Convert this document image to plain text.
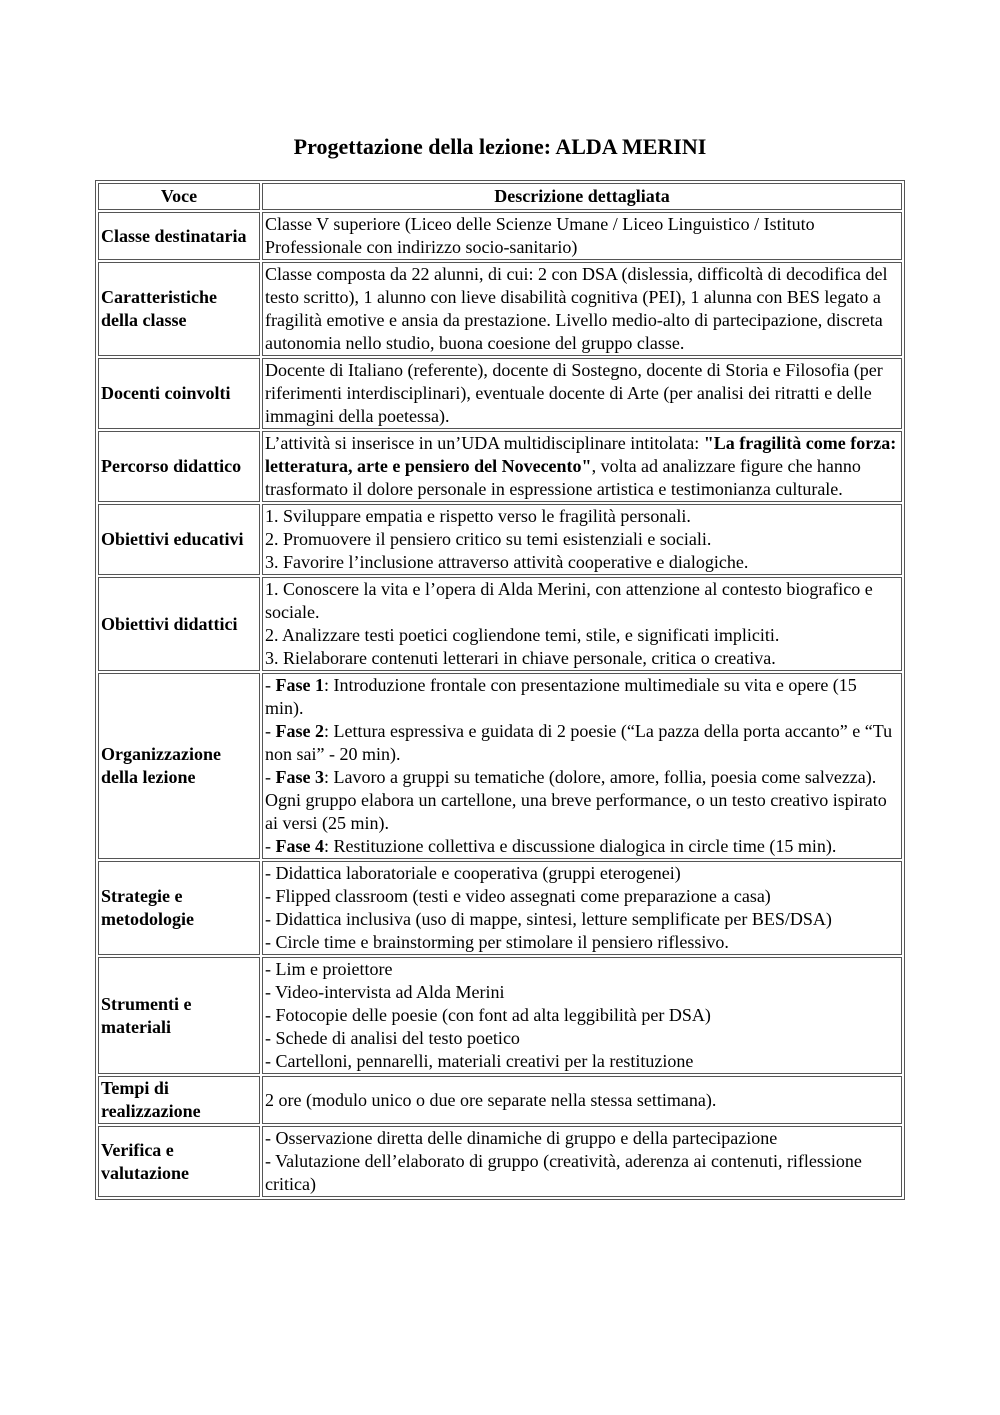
Progettazione della lezione: ALDA MERINI
Voce	Descrizione dettagliata
Classe destinataria	Classe V superiore (Liceo delle Scienze Umane / Liceo Linguistico / Istituto Professionale con indirizzo socio-sanitario)

Caratteristiche della classe	Classe composta da 22 alunni, di cui: 2 con DSA (dislessia, difficoltà di decodifica del testo scritto), 1 alunno con lieve disabilità cognitiva (PEI), 1 alunna con BES legato a fragilità emotive e ansia da prestazione. Livello medio-alto di partecipazione, discreta autonomia nello studio, buona coesione del gruppo classe.

Docenti coinvolti	Docente di Italiano (referente), docente di Sostegno, docente di Storia e Filosofia (per riferimenti interdisciplinari), eventuale docente di Arte (per analisi dei ritratti e delle immagini della poetessa).

Percorso didattico	L’attività si inserisce in un’UDA multidisciplinare intitolata: "La fragilità come forza: letteratura, arte e pensiero del Novecento", volta ad analizzare figure che hanno trasformato il dolore personale in espressione artistica e testimonianza culturale.
Obiettivi educativi	1. Sviluppare empatia e rispetto verso le fragilità personali.
2. Promuovere il pensiero critico su temi esistenziali e sociali.
3. Favorire l’inclusione attraverso attività cooperative e dialogiche.

Obiettivi didattici	1. Conoscere la vita e l’opera di Alda Merini, con attenzione al contesto biografico e sociale.
2. Analizzare testi poetici cogliendone temi, stile, e significati impliciti.
3. Rielaborare contenuti letterari in chiave personale, critica o creativa.

Organizzazione della lezione	- Fase 1: Introduzione frontale con presentazione multimediale su vita e opere (15 min).
- Fase 2: Lettura espressiva e guidata di 2 poesie (“La pazza della porta accanto” e “Tu non sai” - 20 min).
- Fase 3: Lavoro a gruppi su tematiche (dolore, amore, follia, poesia come salvezza). Ogni gruppo elabora un cartellone, una breve performance, o un testo creativo ispirato ai versi (25 min).
- Fase 4: Restituzione collettiva e discussione dialogica in circle time (15 min).

Strategie e metodologie	- Didattica laboratoriale e cooperativa (gruppi eterogenei)
- Flipped classroom (testi e video assegnati come preparazione a casa)
- Didattica inclusiva (uso di mappe, sintesi, letture semplificate per BES/DSA)
- Circle time e brainstorming per stimolare il pensiero riflessivo.

Strumenti e materiali	- Lim e proiettore
- Video-intervista ad Alda Merini
- Fotocopie delle poesie (con font ad alta leggibilità per DSA)
- Schede di analisi del testo poetico
- Cartelloni, pennarelli, materiali creativi per la restituzione

Tempi di realizzazione	2 ore (modulo unico o due ore separate nella stessa settimana).

Verifica e valutazione	- Osservazione diretta delle dinamiche di gruppo e della partecipazione
- Valutazione dell’elaborato di gruppo (creatività, aderenza ai contenuti, riflessione critica)
